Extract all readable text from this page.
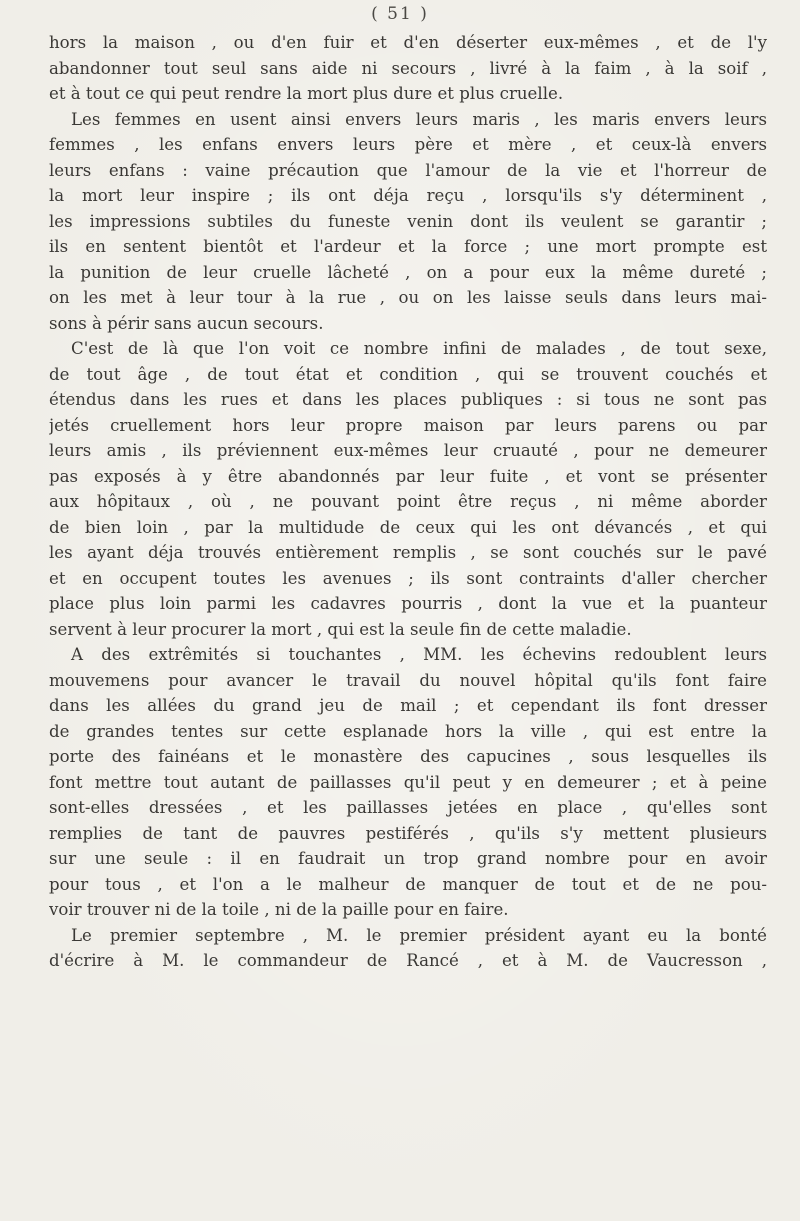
( 51 )
hors la maison , ou d'en fuir et d'en déserter eux-mêmes , et de l'y
abandonner tout seul sans aide ni secours , livré à la faim , à la soif ,
et à tout ce qui peut rendre la mort plus dure et plus cruelle.
Les femmes en usent ainsi envers leurs maris , les maris envers leurs
femmes , les enfans envers leurs père et mère , et ceux-là envers
leurs enfans : vaine précaution que l'amour de la vie et l'horreur de
la mort leur inspire ; ils ont déja reçu , lorsqu'ils s'y déterminent ,
les impressions subtiles du funeste venin dont ils veulent se garantir ;
ils en sentent bientôt et l'ardeur et la force ; une mort prompte est
la punition de leur cruelle lâcheté , on a pour eux la même dureté ;
on les met à leur tour à la rue , ou on les laisse seuls dans leurs mai-
sons à périr sans aucun secours.
C'est de là que l'on voit ce nombre infini de malades , de tout sexe,
de tout âge , de tout état et condition , qui se trouvent couchés et
étendus dans les rues et dans les places publiques : si tous ne sont pas
jetés cruellement hors leur propre maison par leurs parens ou par
leurs amis , ils préviennent eux-mêmes leur cruauté , pour ne demeurer
pas exposés à y être abandonnés par leur fuite , et vont se présenter
aux hôpitaux , où , ne pouvant point être reçus , ni même aborder
de bien loin , par la multidude de ceux qui les ont dévancés , et qui
les ayant déja trouvés entièrement remplis , se sont couchés sur le pavé
et en occupent toutes les avenues ; ils sont contraints d'aller chercher
place plus loin parmi les cadavres pourris , dont la vue et la puanteur
servent à leur procurer la mort , qui est la seule fin de cette maladie.
A des extrêmités si touchantes , MM. les échevins redoublent leurs
mouvemens pour avancer le travail du nouvel hôpital qu'ils font faire
dans les allées du grand jeu de mail ; et cependant ils font dresser
de grandes tentes sur cette esplanade hors la ville , qui est entre la
porte des fainéans et le monastère des capucines , sous lesquelles ils
font mettre tout autant de paillasses qu'il peut y en demeurer ; et à peine
sont-elles dressées , et les paillasses jetées en place , qu'elles sont
remplies de tant de pauvres pestiférés , qu'ils s'y mettent plusieurs
sur une seule : il en faudrait un trop grand nombre pour en avoir
pour tous , et l'on a le malheur de manquer de tout et de ne pou-
voir trouver ni de la toile , ni de la paille pour en faire.
Le premier septembre , M. le premier président ayant eu la bonté
d'écrire à M. le commandeur de Rancé , et à M. de Vaucresson ,
